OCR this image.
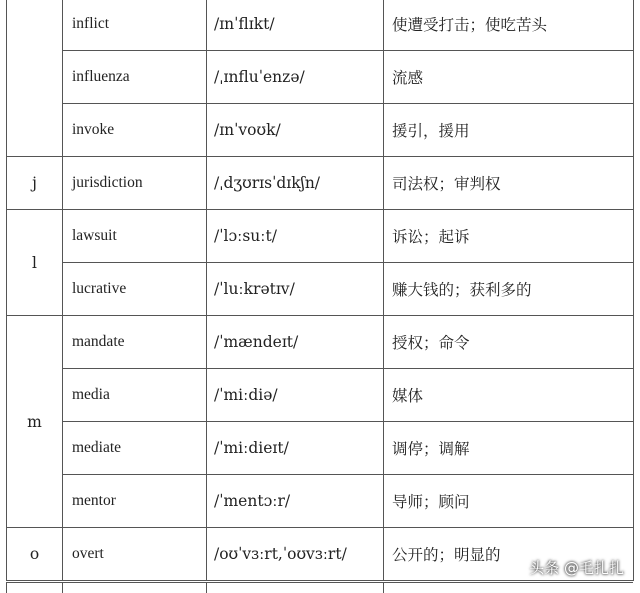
	inflict	/ɪnˈflɪkt/	使遭受打击；使吃苦头
	influenza	/ˌɪnfluˈenzə/	流感
	invoke	/ɪnˈvoʊk/	援引，援用
j	jurisdiction	/ˌdʒʊrɪsˈdɪkʃn/	司法权；审判权
l	lawsuit	/ˈlɔːsuːt/	诉讼；起诉
	lucrative	/ˈluːkrətɪv/	赚大钱的；获利多的
m	mandate	/ˈmændeɪt/	授权；命令
	media	/ˈmiːdiə/	媒体
	mediate	/ˈmiːdieɪt/	调停；调解
	mentor	/ˈmentɔːr/	导师；顾问
o	overt	/oʊˈvɜːrt,ˈoʊvɜːrt/	公开的；明显的
头条 @毛扎扎
